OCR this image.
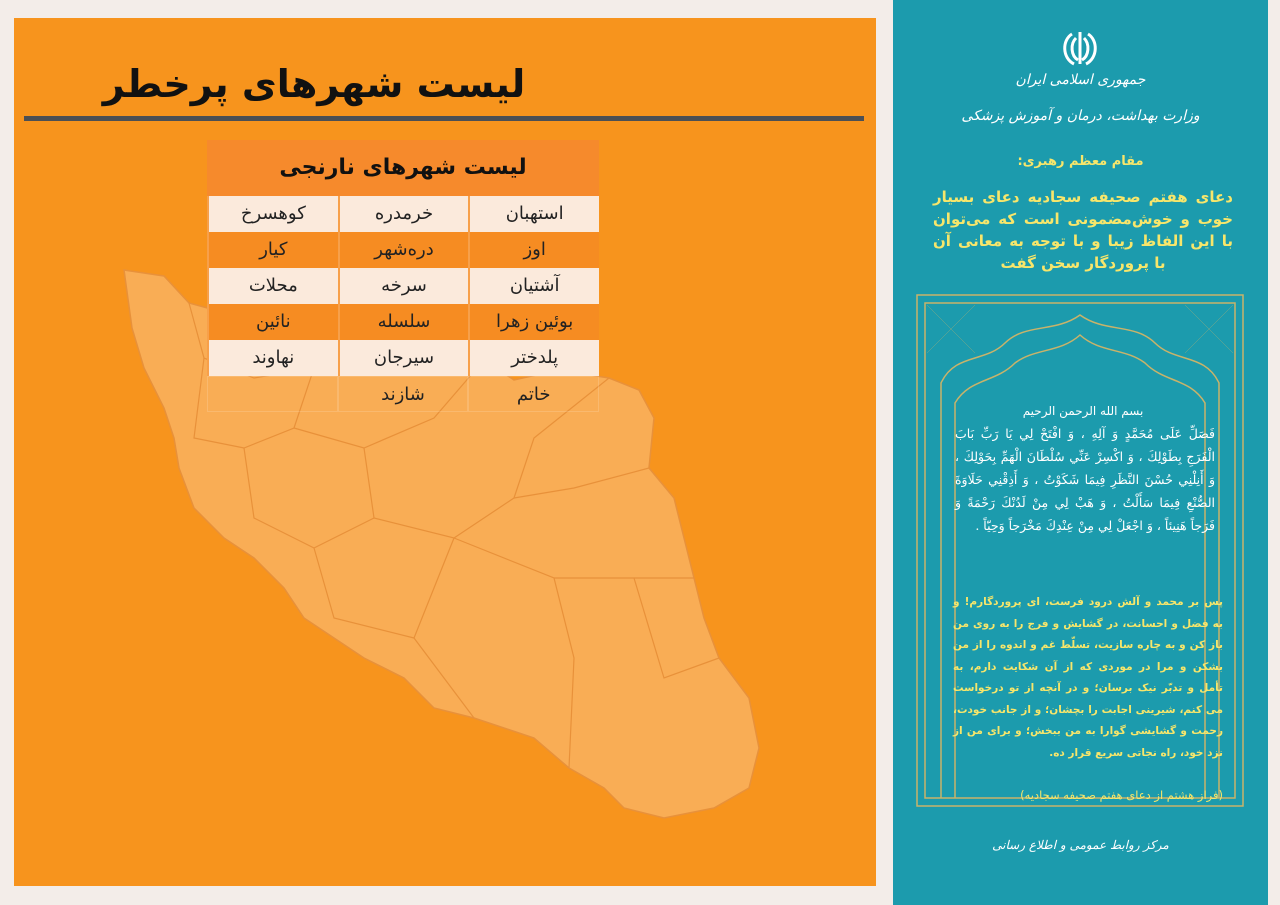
لیست شهرهای پرخطر
لیست شهرهای نارنجی
استهبان
خرمدره
کوهسرخ
اوز
دره‌شهر
کیار
آشتیان
سرخه
محلات
بوئین زهرا
سلسله
نائین
پلدختر
سیرجان
نهاوند
خاتم
شازند
جمهوری اسلامی ایران
وزارت بهداشت، درمان و آموزش پزشکی
مقام معظم رهبری:
دعای هفتم صحیفه سجادیه دعای بسیار خوب و خوش‌مضمونی است که می‌توان با این الفاظ زیبا و با توجه به معانی آن با پروردگار سخن گفت
بسم الله الرحمن الرحیم
فَصَلِّ عَلَى مُحَمَّدٍ وَ آلِهِ ، وَ افْتَحْ لِي يَا رَبِّ بَابَ الْفَرَجِ بِطَوْلِكَ ، وَ اكْسِرْ عَنِّي سُلْطَانَ الْهَمِّ بِحَوْلِكَ ، وَ أَنِلْنِي حُسْنَ النَّظَرِ فِيمَا شَكَوْتُ ، وَ أَذِقْنِي حَلَاوَةَ الصُّنْعِ فِيمَا سَأَلْتُ ، وَ هَبْ لِي مِنْ لَدُنْكَ رَحْمَةً وَ فَرَجاً هَنِيئاً ، وَ اجْعَلْ لِي مِنْ عِنْدِكَ مَخْرَجاً وَحِيّاً .
پس بر محمد و آلش درود فرست، ای پروردگارم! و به فضل و احسانت، در گشایش و فرج را به روی من باز کن و به چاره سازیت، تسلّط غم و اندوه را از من بشکن و مرا در موردی که از آن شکایت دارم، به تأمل و تدبّر نیک برسان؛ و در آنچه از تو درخواست می کنم، شیرینی اجابت را بچشان؛ و از جانب خودت، رحمت و گشایشی گوارا به من ببخش؛ و برای من از نزد خود، راه نجاتی سریع قرار ده.
(فراز هشتم از دعای هفتم صحیفه سجادیه)
مرکز روابط عمومی و اطلاع رسانی
